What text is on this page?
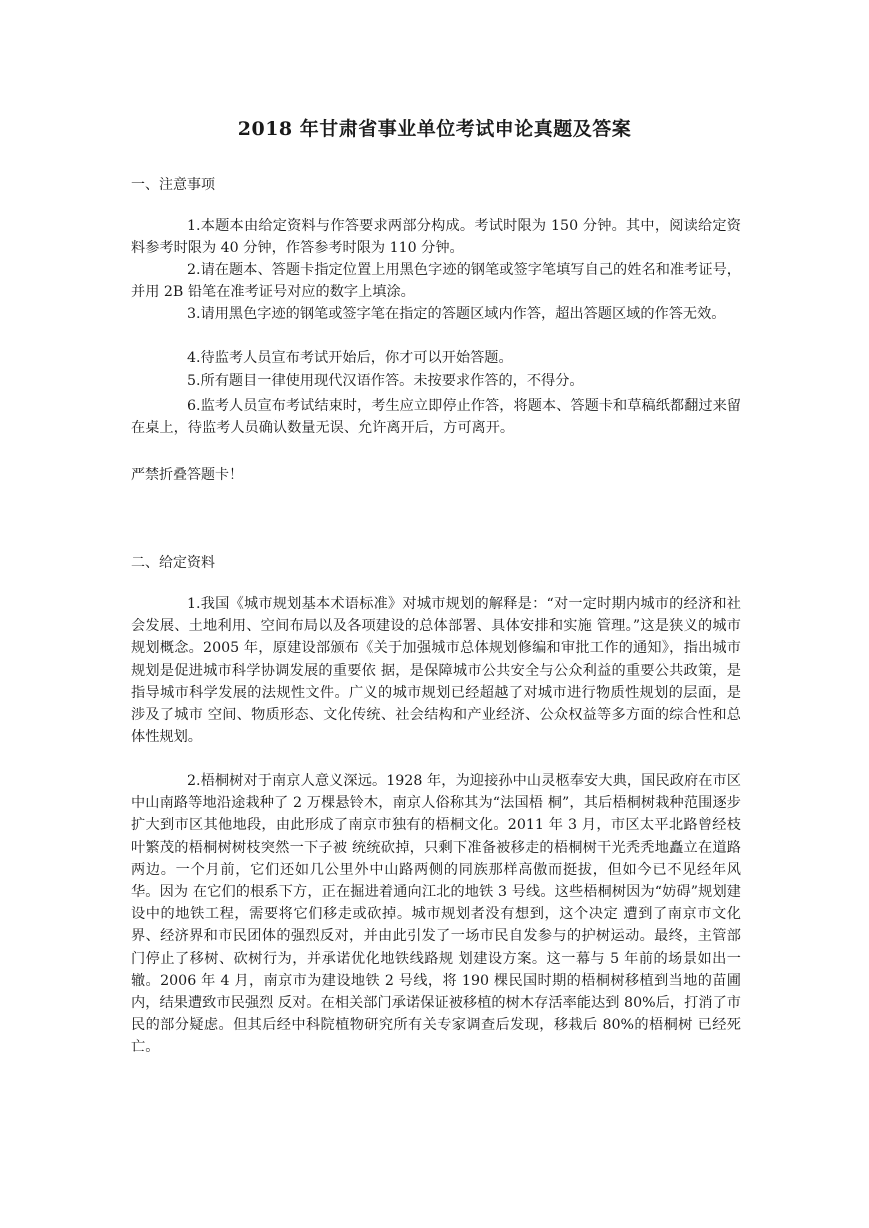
2018 年甘肃省事业单位考试申论真题及答案
一、注意事项

1.本题本由给定资料与作答要求两部分构成。考试时限为 150 分钟。其中，阅读给定资料参考时限为 40 分钟，作答参考时限为 110 分钟。

2.请在题本、答题卡指定位置上用黑色字迹的钢笔或签字笔填写自己的姓名和准考证号，并用 2B 铅笔在准考证号对应的数字上填涂。

3.请用黑色字迹的钢笔或签字笔在指定的答题区域内作答，超出答题区域的作答无效。

4.待监考人员宣布考试开始后，你才可以开始答题。

5.所有题目一律使用现代汉语作答。未按要求作答的，不得分。

6.监考人员宣布考试结束时，考生应立即停止作答，将题本、答题卡和草稿纸都翻过来留在桌上，待监考人员确认数量无误、允许离开后，方可离开。

严禁折叠答题卡！
二、给定资料

1.我国《城市规划基本术语标准》对城市规划的解释是：“对一定时期内城市的经济和社会发展、土地利用、空间布局以及各项建设的总体部署、具体安排和实施 管理。”这是狭义的城市规划概念。2005 年，原建设部颁布《关于加强城市总体规划修编和审批工作的通知》，指出城市规划是促进城市科学协调发展的重要依 据，是保障城市公共安全与公众利益的重要公共政策，是指导城市科学发展的法规性文件。广义的城市规划已经超越了对城市进行物质性规划的层面，是涉及了城市 空间、物质形态、文化传统、社会结构和产业经济、公众权益等多方面的综合性和总体性规划。

2.梧桐树对于南京人意义深远。1928 年，为迎接孙中山灵柩奉安大典，国民政府在市区中山南路等地沿途栽种了 2 万棵悬铃木，南京人俗称其为“法国梧 桐”，其后梧桐树栽种范围逐步扩大到市区其他地段，由此形成了南京市独有的梧桐文化。2011 年 3 月，市区太平北路曾经枝叶繁茂的梧桐树树枝突然一下子被 统统砍掉，只剩下准备被移走的梧桐树干光秃秃地矗立在道路两边。一个月前，它们还如几公里外中山路两侧的同族那样高傲而挺拔，但如今已不见经年风华。因为 在它们的根系下方，正在掘进着通向江北的地铁 3 号线。这些梧桐树因为“妨碍”规划建设中的地铁工程，需要将它们移走或砍掉。城市规划者没有想到，这个决定 遭到了南京市文化界、经济界和市民团体的强烈反对，并由此引发了一场市民自发参与的护树运动。最终，主管部门停止了移树、砍树行为，并承诺优化地铁线路规 划建设方案。这一幕与 5 年前的场景如出一辙。2006 年 4 月，南京市为建设地铁 2 号线，将 190 棵民国时期的梧桐树移植到当地的苗圃内，结果遭致市民强烈 反对。在相关部门承诺保证被移植的树木存活率能达到 80%后，打消了市民的部分疑虑。但其后经中科院植物研究所有关专家调查后发现，移栽后 80%的梧桐树 已经死亡。
